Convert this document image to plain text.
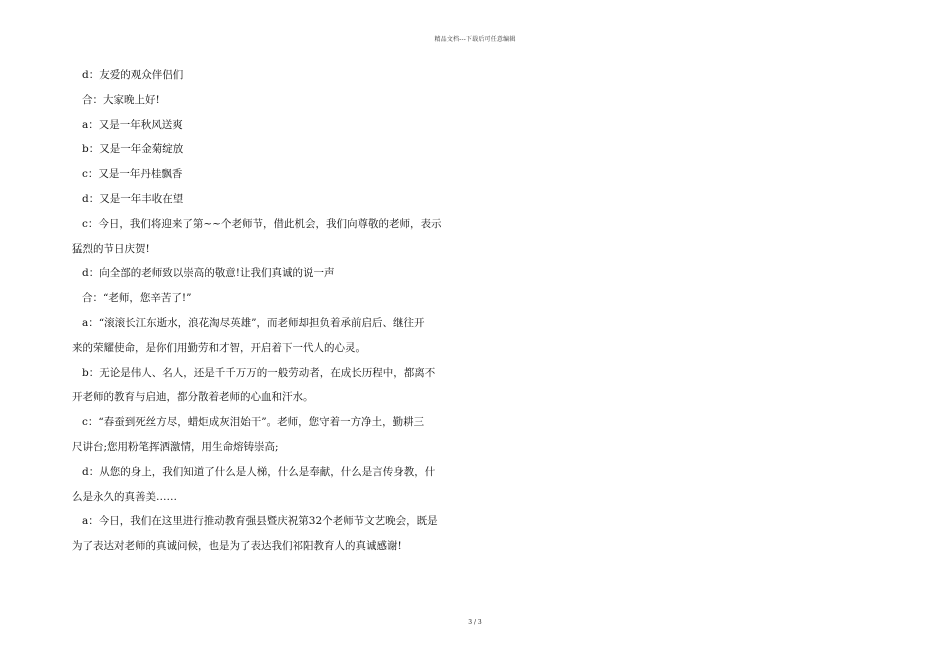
精品文档---下载后可任意编辑
d：友爱的观众伴侣们
合：大家晚上好!
a：又是一年秋风送爽
b：又是一年金菊绽放
c：又是一年丹桂飘香
d：又是一年丰收在望
c：今日，我们将迎来了第~~个老师节，借此机会，我们向尊敬的老师，表示
猛烈的节日庆贺!
d：向全部的老师致以崇高的敬意!让我们真诚的说一声
合：“老师，您辛苦了!”
a：“滚滚长江东逝水，浪花淘尽英雄”，而老师却担负着承前启后、继往开
来的荣耀使命，是你们用勤劳和才智，开启着下一代人的心灵。
b：无论是伟人、名人，还是千千万万的一般劳动者，在成长历程中，都离不
开老师的教育与启迪，都分散着老师的心血和汗水。
c：“春蚕到死丝方尽，蜡炬成灰泪始干”。老师，您守着一方净土，勤耕三
尺讲台;您用粉笔挥洒激情，用生命熔铸崇高;
d：从您的身上，我们知道了什么是人梯，什么是奉献，什么是言传身教，什
么是永久的真善美……
a：今日，我们在这里进行推动教育强县暨庆祝第32个老师节文艺晚会，既是
为了表达对老师的真诚问候，也是为了表达我们祁阳教育人的真诚感谢!
3 / 3
